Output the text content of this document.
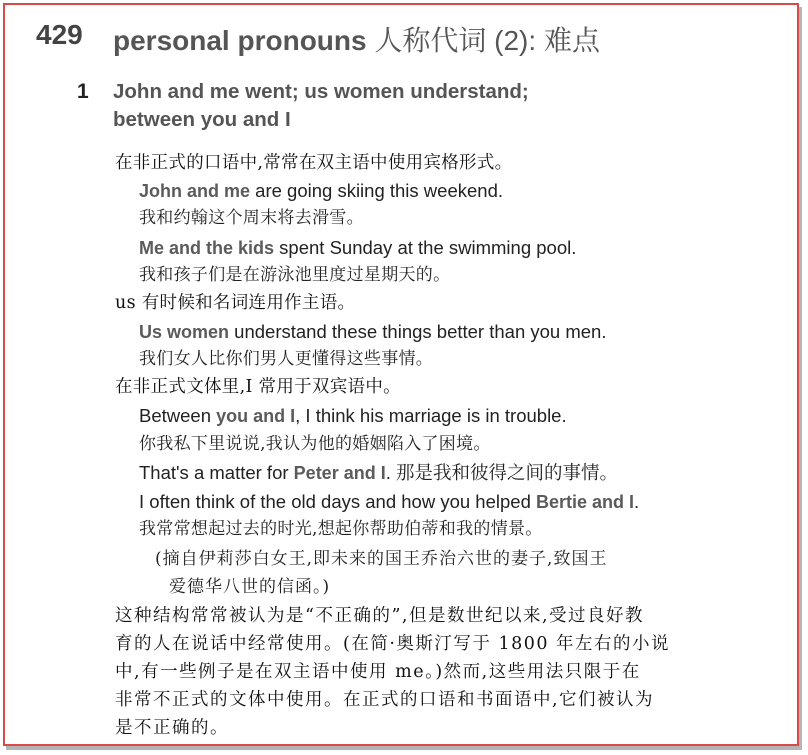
429 personal pronouns 人称代词 (2): 难点
1 John and me went; us women understand;
between you and I
在非正式的口语中,常常在双主语中使用宾格形式。
John and me are going skiing this weekend.
我和约翰这个周末将去滑雪。
Me and the kids spent Sunday at the swimming pool.
我和孩子们是在游泳池里度过星期天的。
us 有时候和名词连用作主语。
Us women understand these things better than you men.
我们女人比你们男人更懂得这些事情。
在非正式文体里,I 常用于双宾语中。
Between you and I, I think his marriage is in trouble.
你我私下里说说,我认为他的婚姻陷入了困境。
That's a matter for Peter and I. 那是我和彼得之间的事情。
I often think of the old days and how you helped Bertie and I.
我常常想起过去的时光,想起你帮助伯蒂和我的情景。
(摘自伊莉莎白女王,即未来的国王乔治六世的妻子,致国王
爱德华八世的信函。)
这种结构常常被认为是“不正确的”,但是数世纪以来,受过良好教
育的人在说话中经常使用。(在简·奥斯汀写于 1800 年左右的小说
中,有一些例子是在双主语中使用 me。)然而,这些用法只限于在
非常不正式的文体中使用。在正式的口语和书面语中,它们被认为
是不正确的。
